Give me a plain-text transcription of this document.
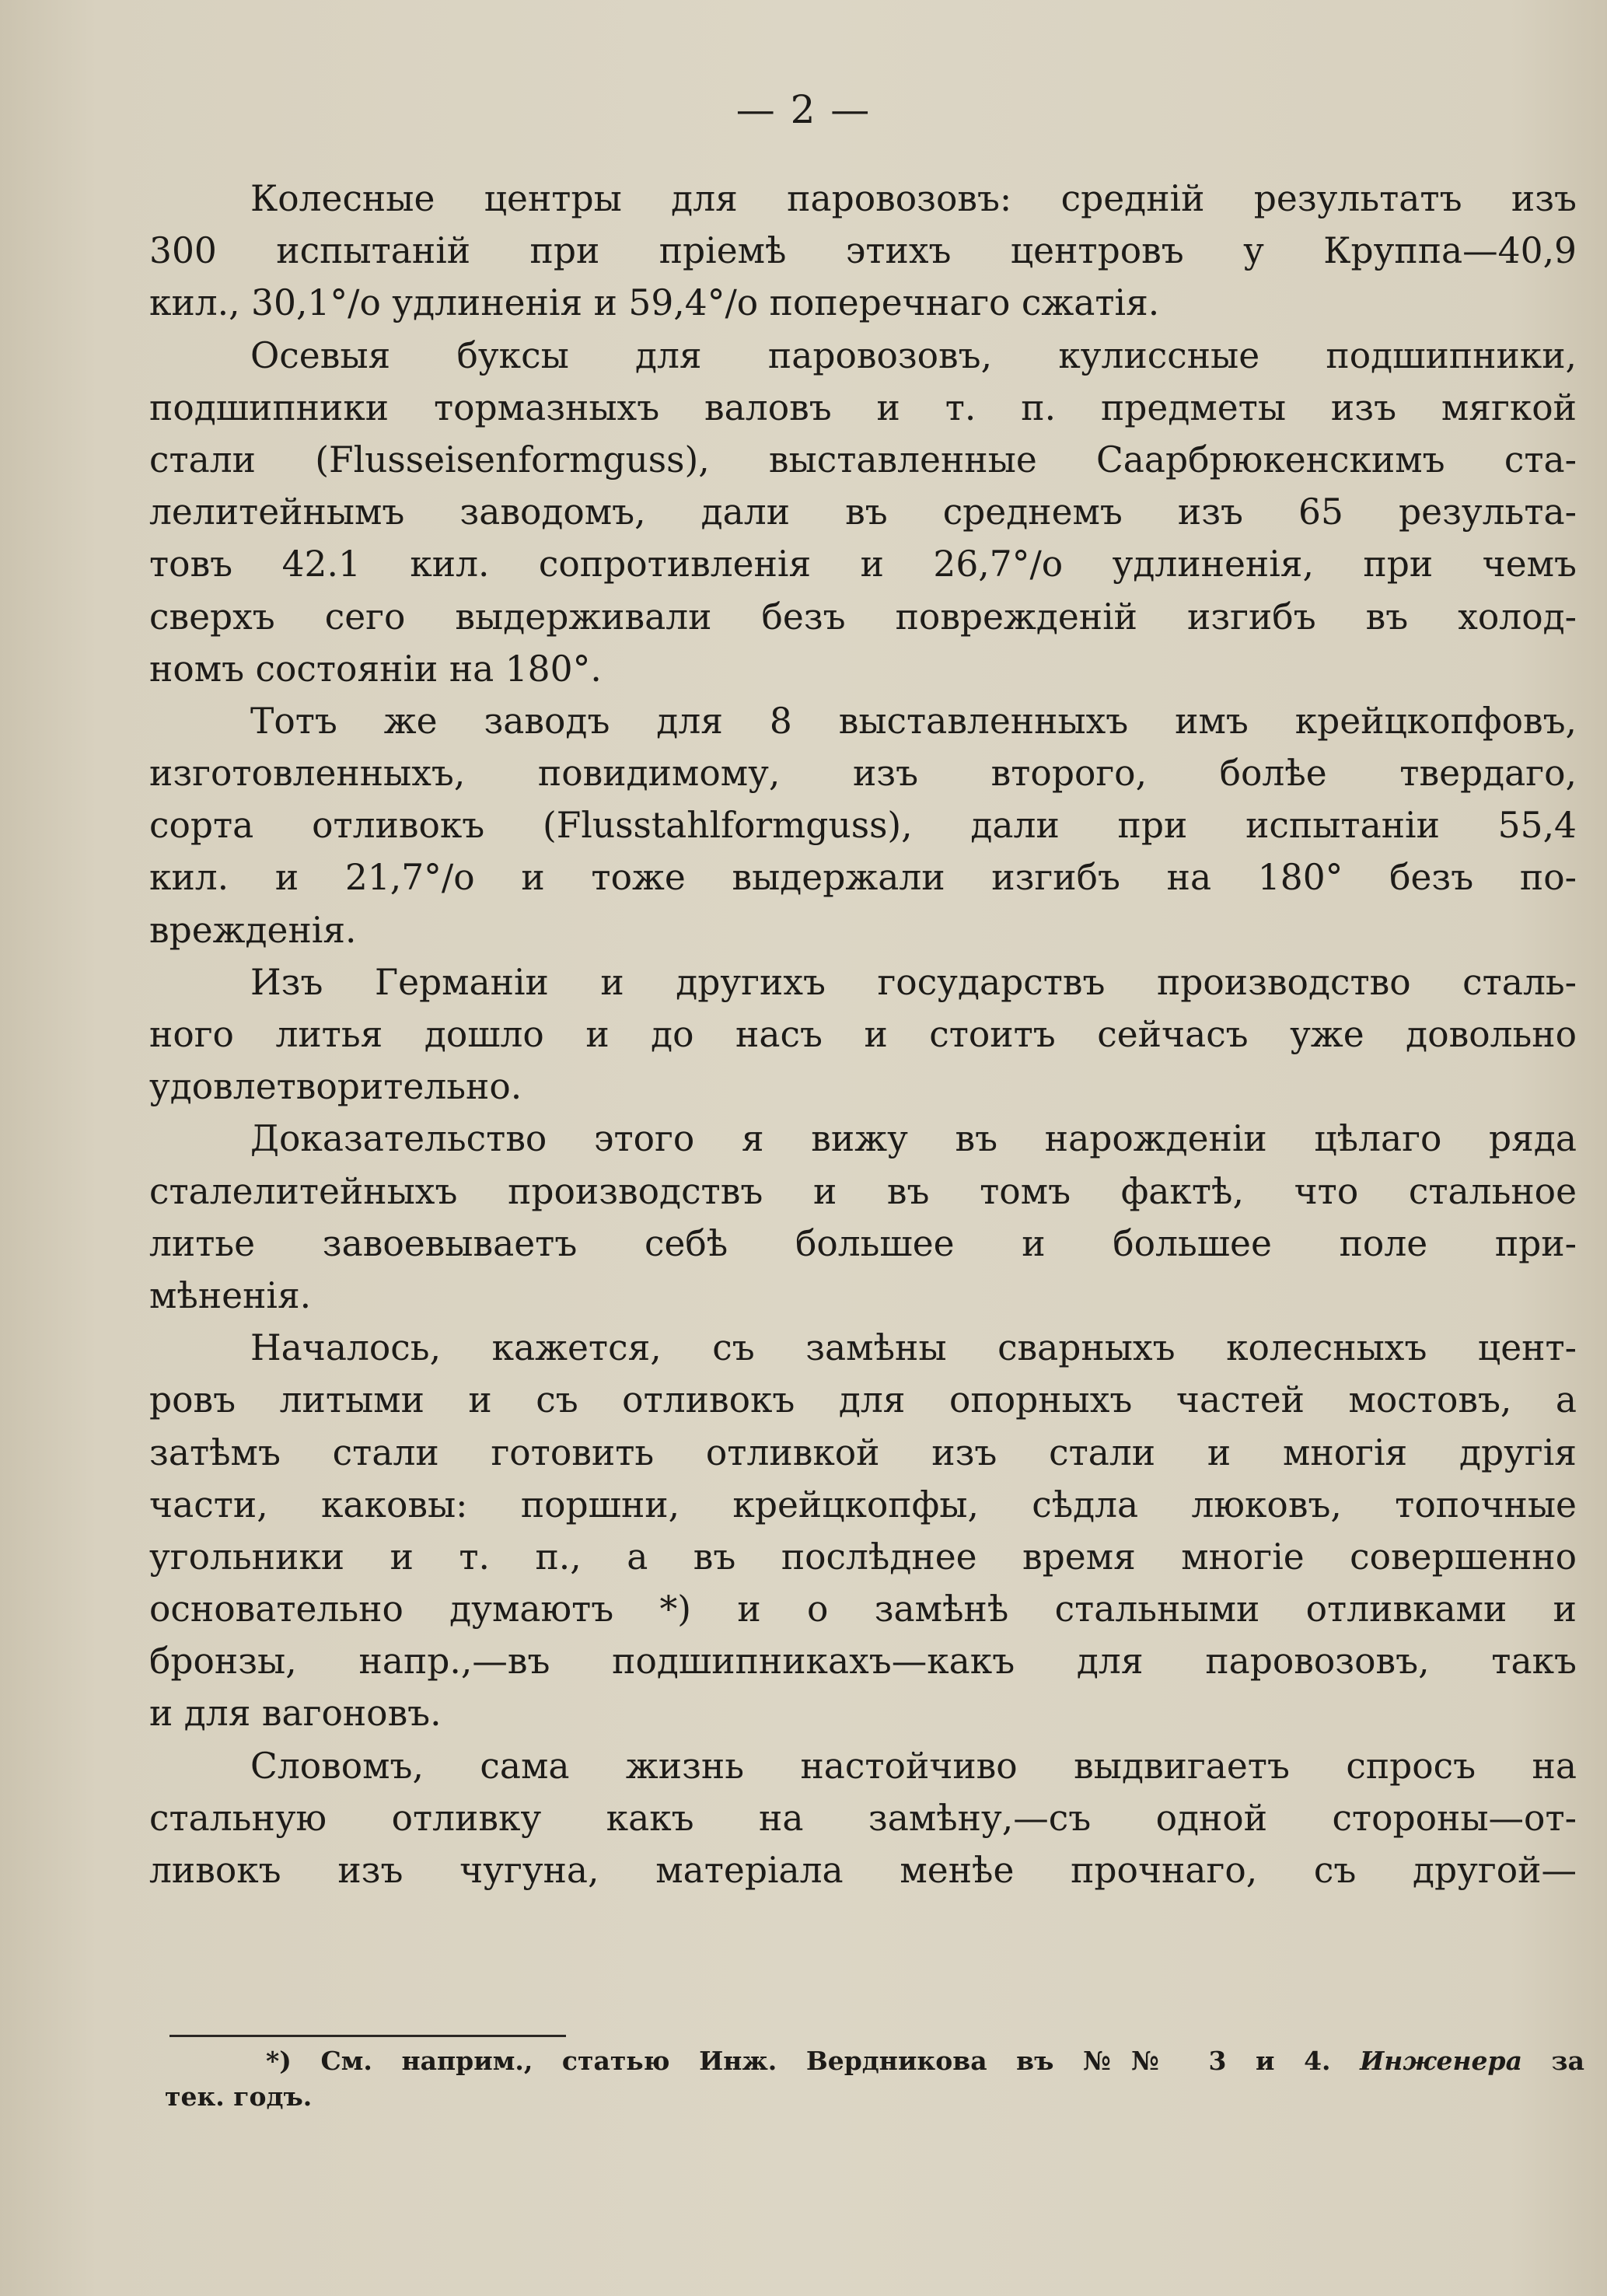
— 2 —
Колесные центры для паровозовъ: среднiй результатъ изъ
300 испытанiй при прiемѣ этихъ центровъ у Круппа—40,9
кил., 30,1°/o удлиненiя и 59,4°/o поперечнаго сжатiя.
Осевыя буксы для паровозовъ, кулиссные подшипники,
подшипники тормазныхъ валовъ и т. п. предметы изъ мягкой
стали (Flusseisenformguss), выставленные Саарбрюкенскимъ ста-
лелитейнымъ заводомъ, дали въ среднемъ изъ 65 результа-
товъ 42.1 кил. сопротивленiя и 26,7°/o удлиненiя, при чемъ
сверхъ сего выдерживали безъ поврежденiй изгибъ въ холод-
номъ состоянiи на 180°.
Тотъ же заводъ для 8 выставленныхъ имъ крейцкопфовъ,
изготовленныхъ, повидимому, изъ второго, болѣе твердаго,
сорта отливокъ (Flusstahlformguss), дали при испытанiи 55,4
кил. и 21,7°/o и тоже выдержали изгибъ на 180° безъ по-
врежденiя.
Изъ Германiи и другихъ государствъ производство сталь-
ного литья дошло и до насъ и стоитъ сейчасъ уже довольно
удовлетворительно.
Доказательство этого я вижу въ нарожденiи цѣлаго ряда
сталелитейныхъ производствъ и въ томъ фактѣ, что стальное
литье завоевываетъ себѣ большее и большее поле при-
мѣненiя.
Началось, кажется, съ замѣны сварныхъ колесныхъ цент-
ровъ литыми и съ отливокъ для опорныхъ частей мостовъ, а
затѣмъ стали готовить отливкой изъ стали и многiя другiя
части, каковы: поршни, крейцкопфы, сѣдла люковъ, топочные
угольники и т. п., а въ послѣднее время многiе совершенно
основательно думаютъ *) и о замѣнѣ стальными отливками и
бронзы, напр.,—въ подшипникахъ—какъ для паровозовъ, такъ
и для вагоновъ.
Словомъ, сама жизнь настойчиво выдвигаетъ спросъ на
стальную отливку какъ на замѣну,—съ одной стороны—от-
ливокъ изъ чугуна, матерiала менѣе прочнаго, съ другой—
*) См. наприм., статью Инж. Вердникова въ №№ 3 и 4. Инженера за
тек. годъ.
